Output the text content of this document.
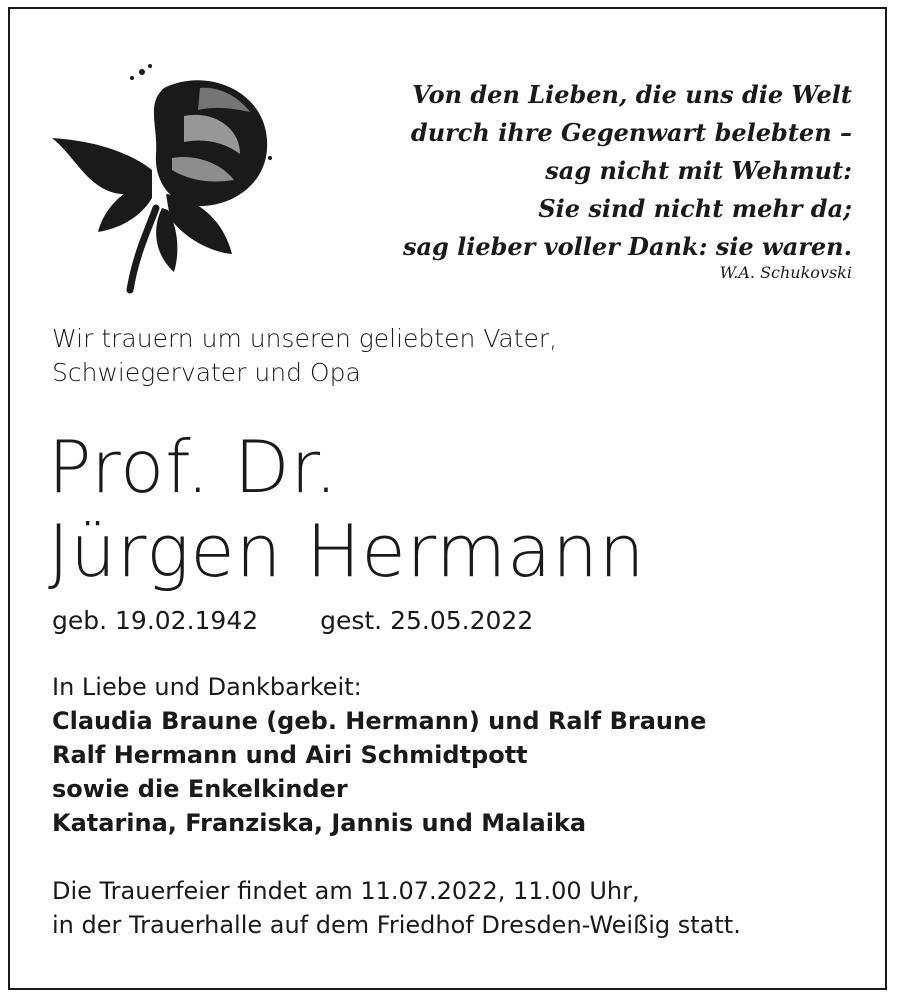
Von den Lieben, die uns die Welt
durch ihre Gegenwart belebten –
sag nicht mit Wehmut:
Sie sind nicht mehr da;
sag lieber voller Dank: sie waren.
W.A. Schukovski
Wir trauern um unseren geliebten Vater,
Schwiegervater und Opa
Prof. Dr.
Jürgen Hermann
geb. 19.02.1942 gest. 25.05.2022
In Liebe und Dankbarkeit:
Claudia Braune (geb. Hermann) und Ralf Braune
Ralf Hermann und Airi Schmidtpott
sowie die Enkelkinder
Katarina, Franziska, Jannis und Malaika
Die Trauerfeier findet am 11.07.2022, 11.00 Uhr,
in der Trauerhalle auf dem Friedhof Dresden-Weißig statt.
